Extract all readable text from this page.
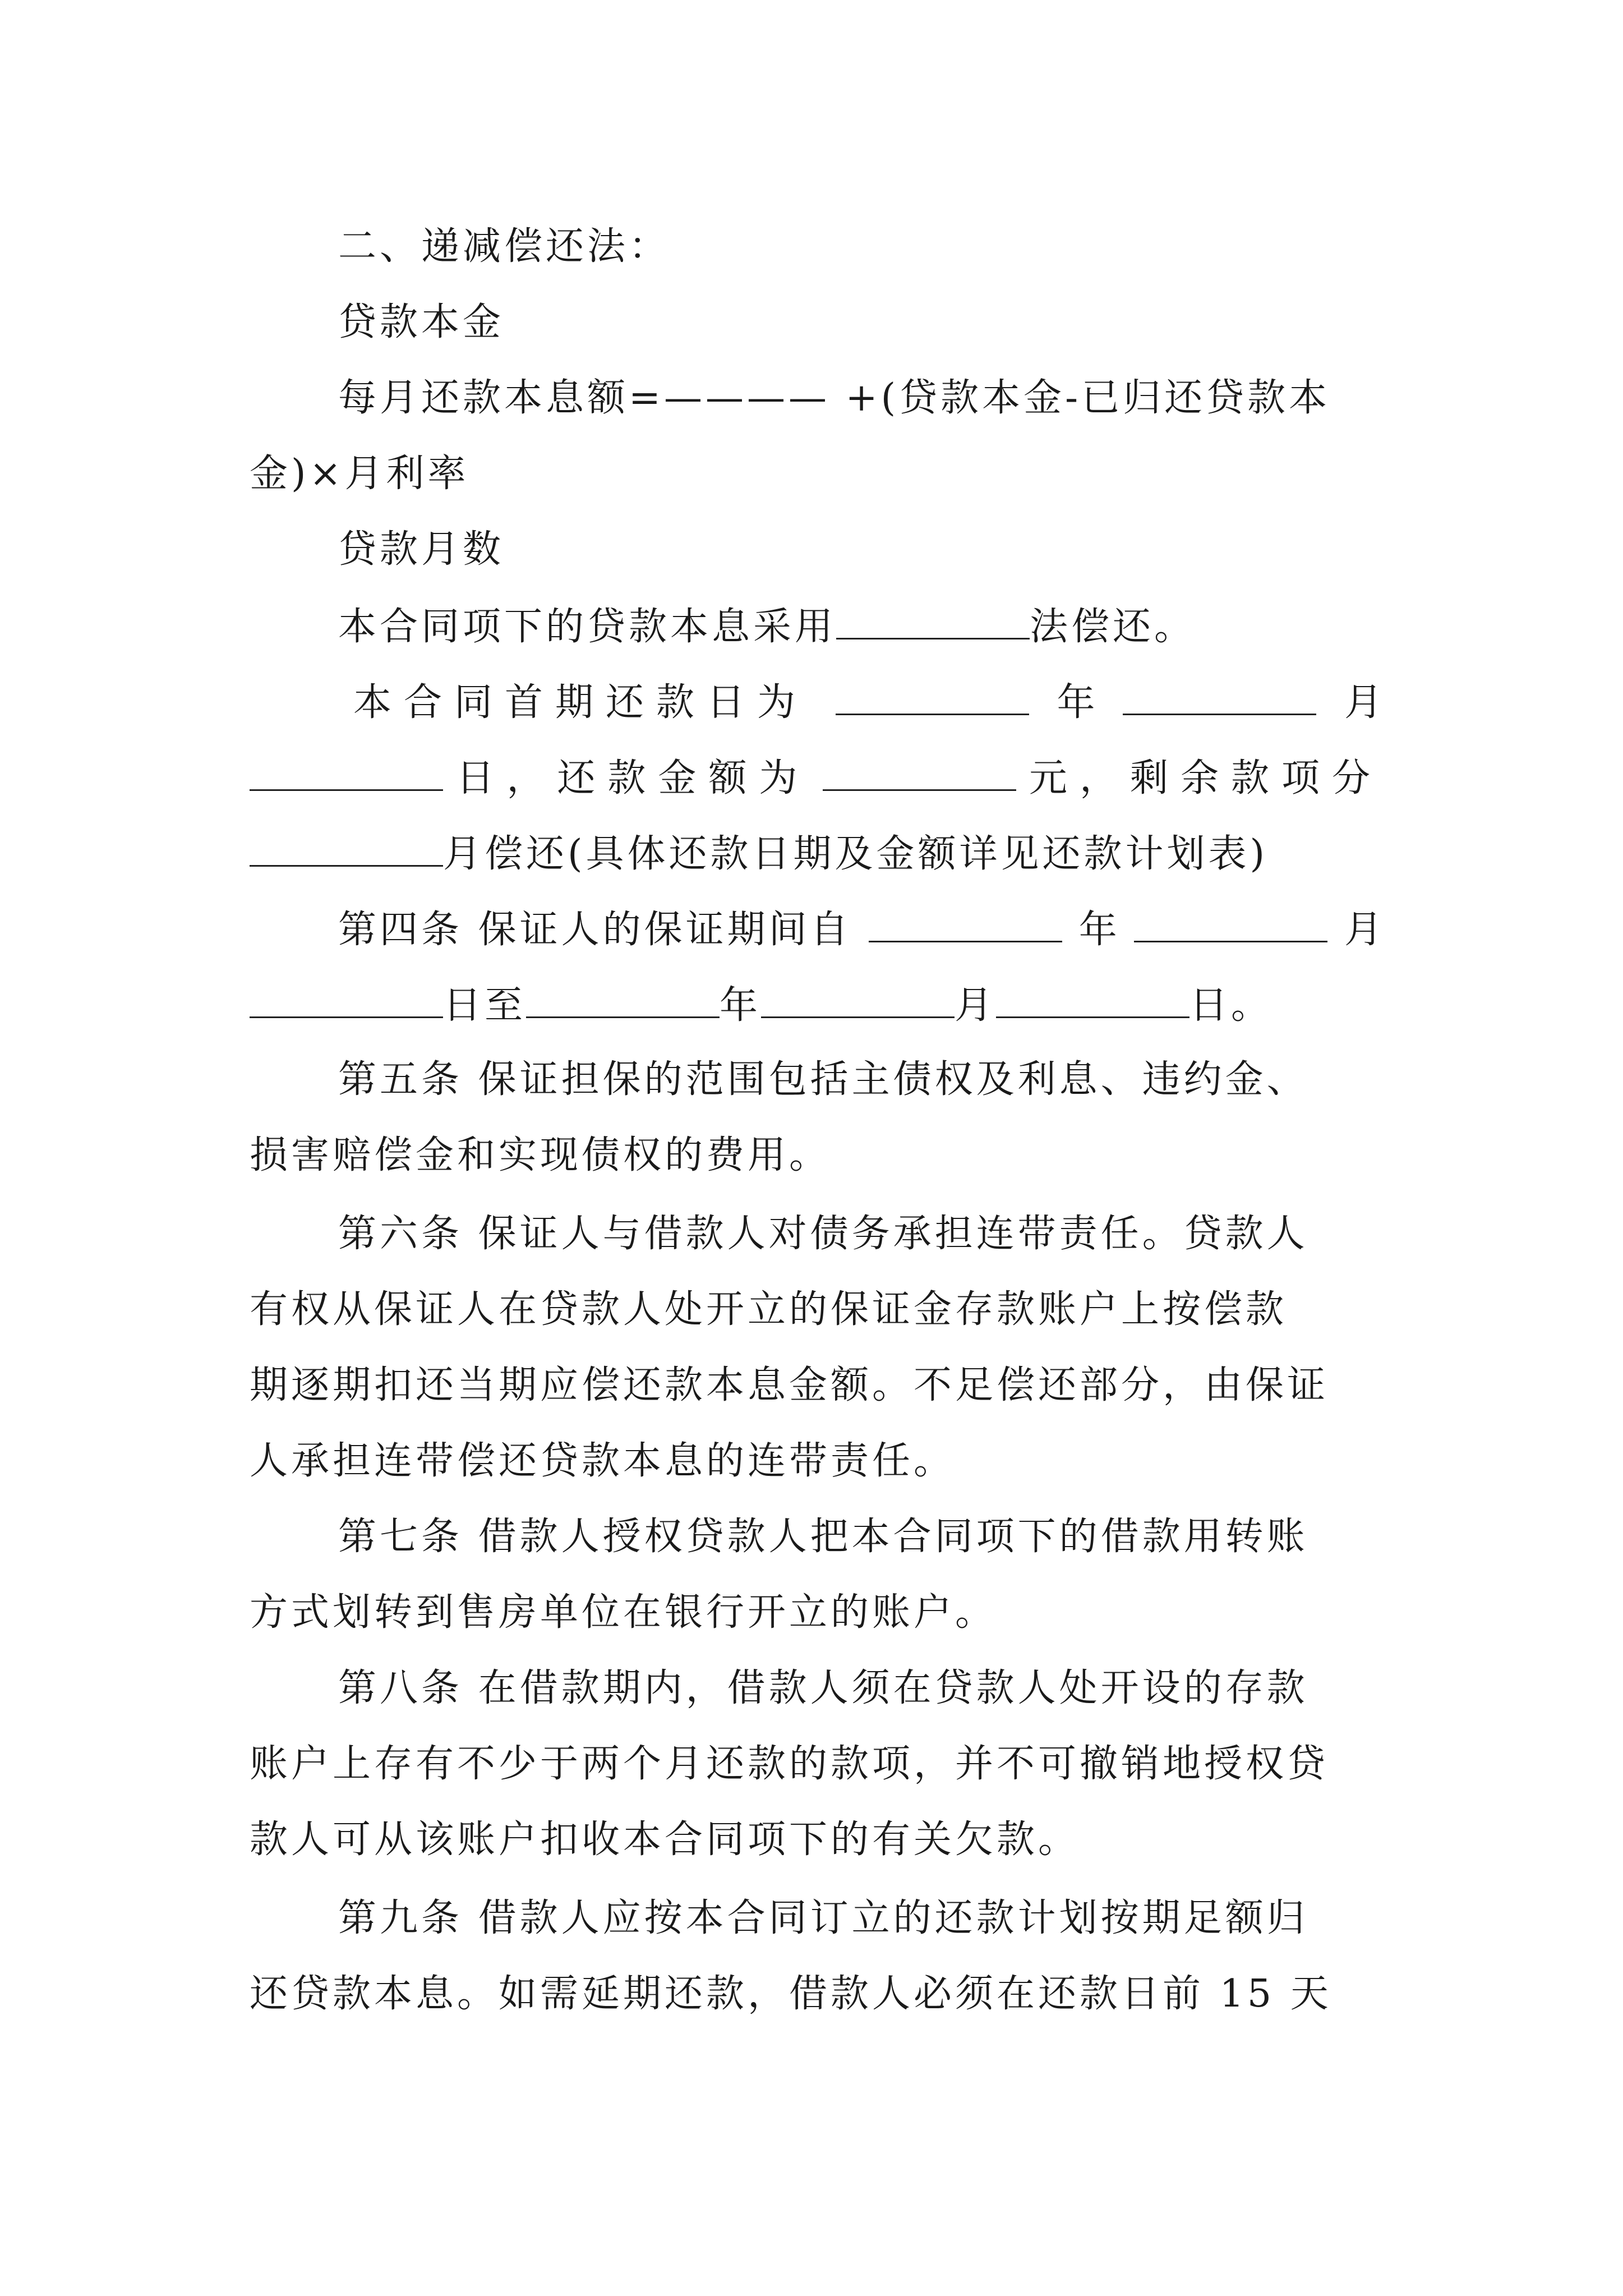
二、递减偿还法：
贷款本金
每月还款本息额=———— +(贷款本金-已归还贷款本
金)×月利率
贷款月数
本合同项下的贷款本息采用	法偿还。
本合同首期还款日为	年	月
日，还款金额为	元，剩余款项分
月偿还(具体还款日期及金额详见还款计划表)
第四条 保证人的保证期间自	年	月
日至	年	月	日。
第五条 保证担保的范围包括主债权及利息、违约金、
损害赔偿金和实现债权的费用。
第六条 保证人与借款人对债务承担连带责任。贷款人
有权从保证人在贷款人处开立的保证金存款账户上按偿款
期逐期扣还当期应偿还款本息金额。不足偿还部分，由保证
人承担连带偿还贷款本息的连带责任。
第七条 借款人授权贷款人把本合同项下的借款用转账
方式划转到售房单位在银行开立的账户。
第八条 在借款期内，借款人须在贷款人处开设的存款
账户上存有不少于两个月还款的款项，并不可撤销地授权贷
款人可从该账户扣收本合同项下的有关欠款。
第九条 借款人应按本合同订立的还款计划按期足额归
还贷款本息。如需延期还款，借款人必须在还款日前 15 天
